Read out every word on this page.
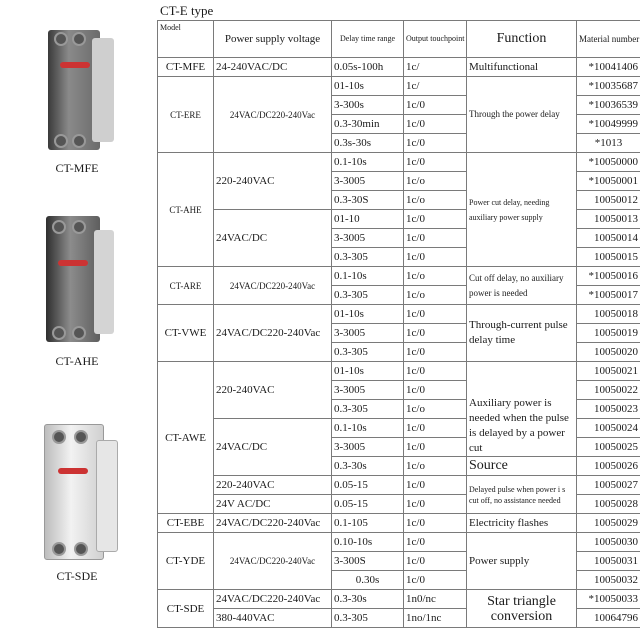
CT-E type
CT-MFE
CT-AHE
CT-SDE
Model	Power supply voltage	Delay time range	Output touchpoint	Function	Material number
CT-MFE	24-240VAC/DC	0.05s-100h	1c/	Multifunctional	*10041406
CT-ERE	24VAC/DC220-240Vac	01-10s	1c/	Through the power delay	*10035687
		3-300s	1c/0		*10036539
		0.3-30min	1c/0		*10049999
		0.3s-30s	1c/0		*1013
CT-AHE	220-240VAC	0.1-10s	1c/0	Power cut delay, needing auxiliary power supply	*10050000
		3-3005	1c/o		*10050001
		0.3-30S	1c/o		10050012
	24VAC/DC	01-10	1c/0		10050013
		3-3005	1c/0		10050014
		0.3-305	1c/0		10050015
CT-ARE	24VAC/DC220-240Vac	0.1-10s	1c/o	Cut off delay, no auxiliary power is needed	*10050016
		0.3-305	1c/o		*10050017
CT-VWE	24VAC/DC220-240Vac	01-10s	1c/0	Through-current pulse delay time	10050018
		3-3005	1c/0		10050019
		0.3-305	1c/0		10050020
CT-AWE	220-240VAC	01-10s	1c/0	Auxiliary power is needed when the pulse is delayed by a power cut	10050021
		3-3005	1c/0		10050022
		0.3-305	1c/o		10050023
	24VAC/DC	0.1-10s	1c/0		10050024
		3-3005	1c/0		10050025
		0.3-30s	1c/o	Source	10050026
	220-240VAC	0.05-15	1c/0	Delayed pulse when power i s cut off, no assistance needed	10050027
	24V AC/DC	0.05-15	1c/0		10050028
CT-EBE	24VAC/DC220-240Vac	0.1-105	1c/0	Electricity flashes	10050029
CT-YDE	24VAC/DC220-240Vac	0.10-10s	1c/0	Power supply	10050030
		3-300S	1c/0		10050031
		0.30s	1c/0		10050032
CT-SDE	24VAC/DC220-240Vac	0.3-30s	1n0/nc	Star triangle conversion	*10050033
	380-440VAC	0.3-305	1no/1nc		10064796
